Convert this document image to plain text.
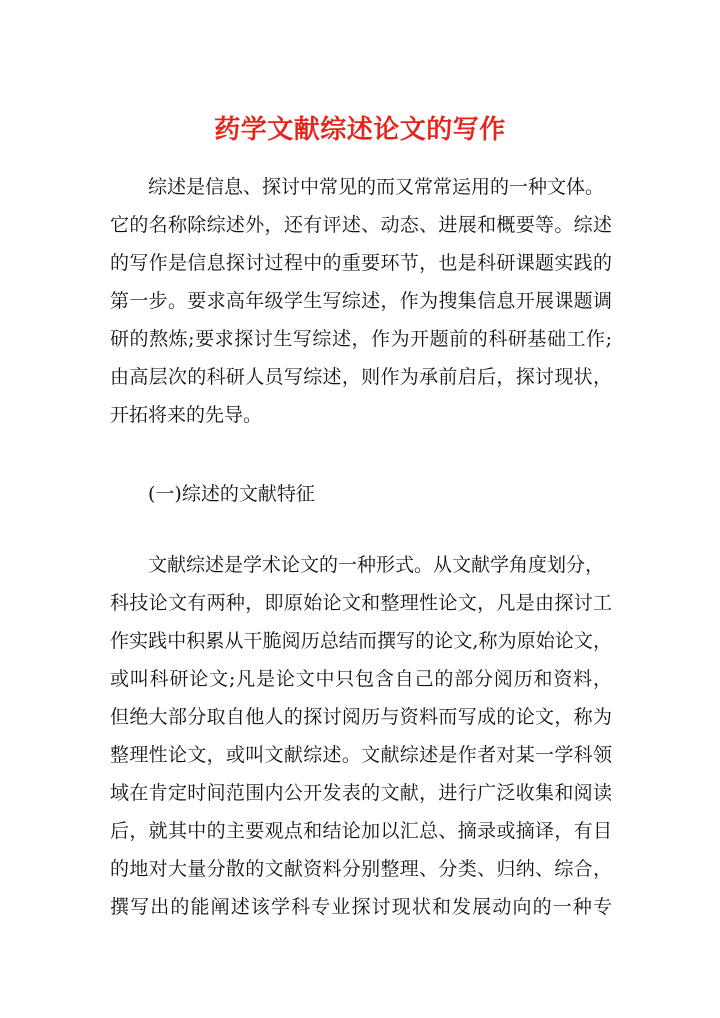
药学文献综述论文的写作
综述是信息、探讨中常见的而又常常运用的一种文体。
它的名称除综述外，还有评述、动态、进展和概要等。综述
的写作是信息探讨过程中的重要环节，也是科研课题实践的
第一步。要求高年级学生写综述，作为搜集信息开展课题调
研的熬炼;要求探讨生写综述，作为开题前的科研基础工作;
由高层次的科研人员写综述，则作为承前启后，探讨现状，
开拓将来的先导。
(一)综述的文献特征
文献综述是学术论文的一种形式。从文献学角度划分，
科技论文有两种，即原始论文和整理性论文，凡是由探讨工
作实践中积累从干脆阅历总结而撰写的论文,称为原始论文，
或叫科研论文;凡是论文中只包含自己的部分阅历和资料，
但绝大部分取自他人的探讨阅历与资料而写成的论文，称为
整理性论文，或叫文献综述。文献综述是作者对某一学科领
域在肯定时间范围内公开发表的文献，进行广泛收集和阅读
后，就其中的主要观点和结论加以汇总、摘录或摘译，有目
的地对大量分散的文献资料分别整理、分类、归纳、综合，
撰写出的能阐述该学科专业探讨现状和发展动向的一种专
